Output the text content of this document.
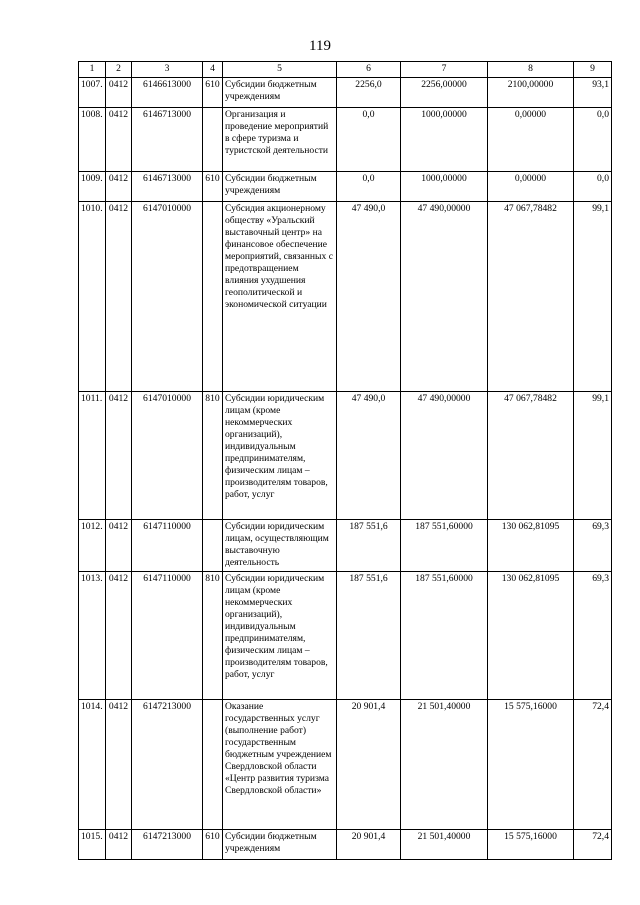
119
1	2	3	4	5	6	7	8	9
1007.	0412	6146613000	610	Субсидии бюджетным учреждениям	2256,0	2256,00000	2100,00000	93,1
1008.	0412	6146713000		Организация и проведение мероприятий в сфере туризма и туристской деятельности	0,0	1000,00000	0,00000	0,0
1009.	0412	6146713000	610	Субсидии бюджетным учреждениям	0,0	1000,00000	0,00000	0,0
1010.	0412	6147010000		Субсидия акционерному обществу «Уральский выставочный центр» на финансовое обеспечение мероприятий, связанных с предотвращением влияния ухудшения геополитической и экономической ситуации	47 490,0	47 490,00000	47 067,78482	99,1
1011.	0412	6147010000	810	Субсидии юридическим лицам (кроме некоммерческих организаций), индивидуальным предпринимателям, физическим лицам – производителям товаров, работ, услуг	47 490,0	47 490,00000	47 067,78482	99,1
1012.	0412	6147110000		Субсидии юридическим лицам, осуществляющим выставочную деятельность	187 551,6	187 551,60000	130 062,81095	69,3
1013.	0412	6147110000	810	Субсидии юридическим лицам (кроме некоммерческих организаций), индивидуальным предпринимателям, физическим лицам – производителям товаров, работ, услуг	187 551,6	187 551,60000	130 062,81095	69,3
1014.	0412	6147213000		Оказание государственных услуг (выполнение работ) государственным бюджетным учреждением Свердловской области «Центр развития туризма Свердловской области»	20 901,4	21 501,40000	15 575,16000	72,4
1015.	0412	6147213000	610	Субсидии бюджетным учреждениям	20 901,4	21 501,40000	15 575,16000	72,4
